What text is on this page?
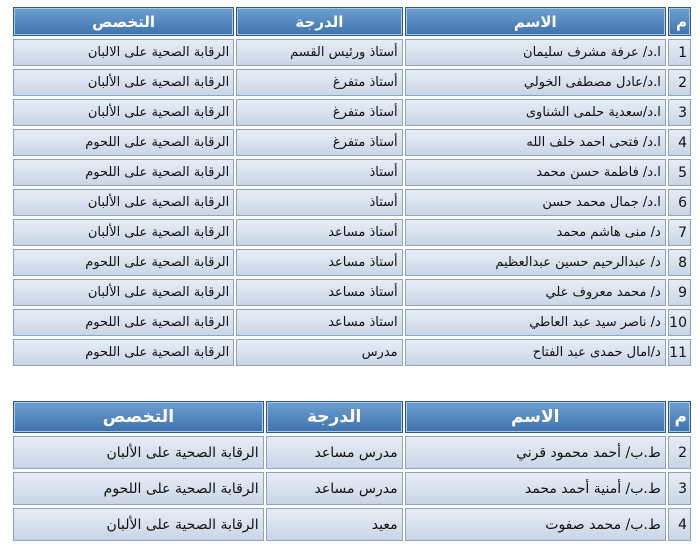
م	الاسم	الدرجة	التخصص
1	ا.د/ عرفة مشرف سليمان	أستاذ ورئيس القسم	الرقابة الصحية على الالبان
2	ا.د/عادل مصطفى الخولي	أستاذ متفرغ	الرقابة الصحية على الألبان
3	ا.د/سعدية حلمى الشناوى	أستاذ متفرغ	الرقابة الصحية على الألبان
4	ا.د/ فتحى احمد خلف الله	أستاذ متفرغ	الرقابة الصحية على اللحوم
5	ا.د/ فاطمة حسن محمد	أستاذ	الرقابة الصحية على اللحوم
6	ا.د/ جمال محمد حسن	أستاذ	الرقابة الصحية على الألبان
7	د/ منى هاشم محمد	أستاذ مساعد	الرقابة الصحية على الألبان
8	د/ عبدالرحيم حسين عبدالعظيم	أستاذ مساعد	الرقابة الصحية على اللحوم
9	د/ محمد معروف علي	أستاذ مساعد	الرقابة الصحية على الألبان
10	د/ ناصر سيد عبد العاطي	استاذ مساعد	الرقابة الصحية على اللحوم
11	د/امال حمدى عبد الفتاح	مدرس	الرقابة الصحية على اللحوم
م	الاسم	الدرجة	التخصص
2	ط.ب/ أحمد محمود قرني	مدرس مساعد	الرقابة الصحية على الألبان
3	ط.ب/ أمنية أحمد محمد	مدرس مساعد	الرقابة الصحية على اللحوم
4	ط.ب/ محمد صفوت	معيد	الرقابة الصحية على الألبان
